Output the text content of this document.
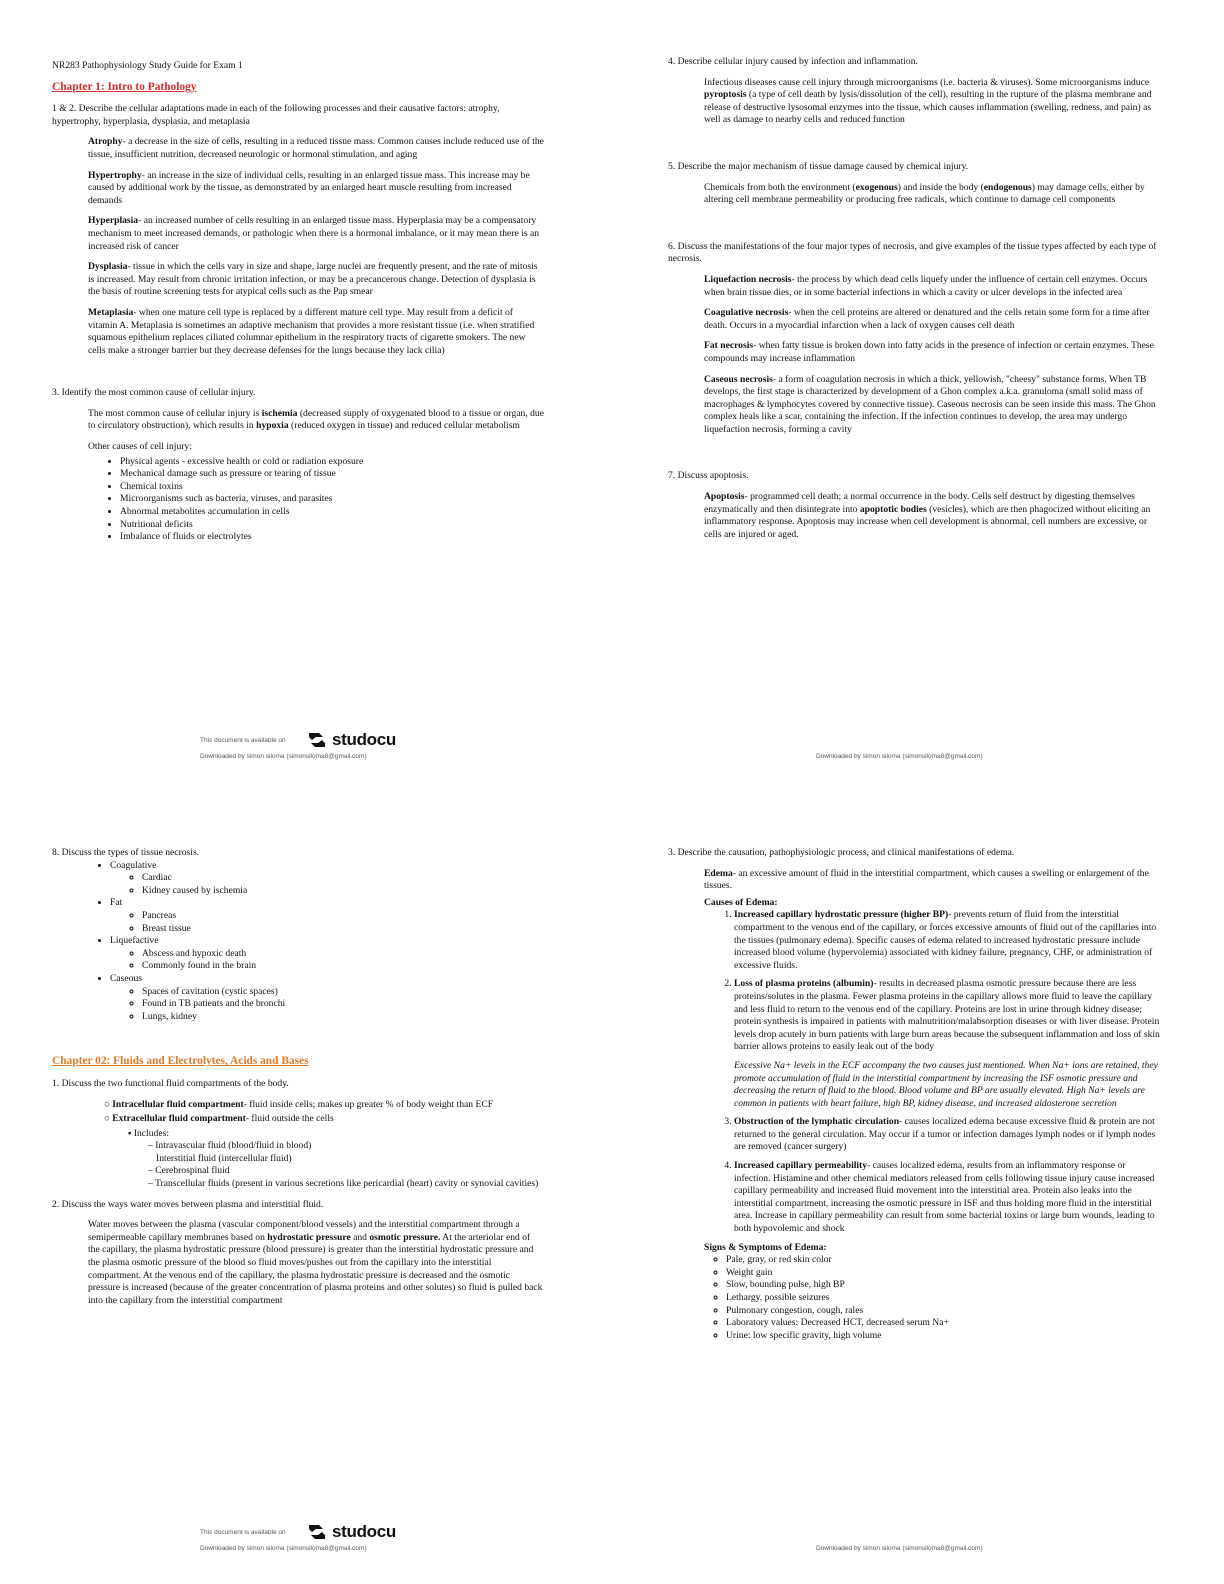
NR283 Pathophysiology Study Guide for Exam 1

Chapter 1: Intro to Pathology

1 & 2. Describe the cellular adaptations made in each of the following processes and their causative factors: atrophy, hypertrophy, hyperplasia, dysplasia, and metaplasia

Atrophy- a decrease in the size of cells, resulting in a reduced tissue mass. Common causes include reduced use of the tissue, insufficient nutrition, decreased neurologic or hormonal stimulation, and aging

Hypertrophy- an increase in the size of individual cells, resulting in an enlarged tissue mass. This increase may be caused by additional work by the tissue, as demonstrated by an enlarged heart muscle resulting from increased demands

Hyperplasia- an increased number of cells resulting in an enlarged tissue mass. Hyperplasia may be a compensatory mechanism to meet increased demands, or pathologic when there is a hormonal imbalance, or it may mean there is an increased risk of cancer

Dysplasia- tissue in which the cells vary in size and shape, large nuclei are frequently present, and the rate of mitosis is increased. May result from chronic irritation infection, or may be a precancerous change. Detection of dysplasia is the basis of routine screening tests for atypical cells such as the Pap smear

Metaplasia- when one mature cell type is replaced by a different mature cell type. May result from a deficit of vitamin A. Metaplasia is sometimes an adaptive mechanism that provides a more resistant tissue (i.e. when stratified squamous epithelium replaces ciliated columnar epithelium in the respiratory tracts of cigarette smokers. The new cells make a stronger barrier but they decrease defenses for the lungs because they lack cilia)

3. Identify the most common cause of cellular injury.

The most common cause of cellular injury is ischemia (decreased supply of oxygenated blood to a tissue or organ, due to circulatory obstruction), which results in hypoxia (reduced oxygen in tissue) and reduced cellular metabolism

Other causes of cell injury:

• Physical agents - excessive health or cold or radiation exposure
• Mechanical damage such as pressure or tearing of tissue
• Chemical toxins
• Microorganisms such as bacteria, viruses, and parasites
• Abnormal metabolites accumulation in cells
• Nutritional deficits
• Imbalance of fluids or electrolytes
This document is available on	studocu
Downloaded by simon siloma (simonsiloma8@gmail.com)

4. Describe cellular injury caused by infection and inflammation.

Infectious diseases cause cell injury through microorganisms (i.e. bacteria & viruses). Some microorganisms induce pyroptosis (a type of cell death by lysis/dissolution of the cell), resulting in the rupture of the plasma membrane and release of destructive lysosomal enzymes into the tissue, which causes inflammation (swelling, redness, and pain) as well as damage to nearby cells and reduced function

5. Describe the major mechanism of tissue damage caused by chemical injury.

Chemicals from both the environment (exogenous) and inside the body (endogenous) may damage cells, either by altering cell membrane permeability or producing free radicals, which continue to damage cell components

6. Discuss the manifestations of the four major types of necrosis, and give examples of the tissue types affected by each type of necrosis.

Liquefaction necrosis- the process by which dead cells liquefy under the influence of certain cell enzymes. Occurs when brain tissue dies, or in some bacterial infections in which a cavity or ulcer develops in the infected area

Coagulative necrosis- when the cell proteins are altered or denatured and the cells retain some form for a time after death. Occurs in a myocardial infarction when a lack of oxygen causes cell death

Fat necrosis- when fatty tissue is broken down into fatty acids in the presence of infection or certain enzymes. These compounds may increase inflammation

Caseous necrosis- a form of coagulation necrosis in which a thick, yellowish, "cheesy" substance forms. When TB develops, the first stage is characterized by development of a Ghon complex a.k.a. granuloma (small solid mass of macrophages & lymphocytes covered by connective tissue). Caseous necrosis can be seen inside this mass. The Ghon complex heals like a scar, containing the infection. If the infection continues to develop, the area may undergo liquefaction necrosis, forming a cavity

7. Discuss apoptosis.

Apoptosis- programmed cell death; a normal occurrence in the body. Cells self destruct by digesting themselves enzymatically and then disintegrate into apoptotic bodies (vesicles), which are then phagocized without eliciting an inflammatory response. Apoptosis may increase when cell development is abnormal, cell numbers are excessive, or cells are injured or aged.

Downloaded by simon siloma (simonsiloma8@gmail.com)

8. Discuss the types of tissue necrosis.

• Coagulative
◦ Cardiac
◦ Kidney caused by ischemia
• Fat
◦ Pancreas
◦ Breast tissue
• Liquefactive
◦ Abscess and hypoxic death
◦ Commonly found in the brain
• Caseous
◦ Spaces of cavitation (cystic spaces)
◦ Found in TB patients and the bronchi
◦ Lungs, kidney

Chapter 02: Fluids and Electrolytes, Acids and Bases

1. Discuss the two functional fluid compartments of the body.

○ Intracellular fluid compartment- fluid inside cells; makes up greater % of body weight than ECF
○ Extracellular fluid compartment- fluid outside the cells
▪ Includes:
– Intravascular fluid (blood/fluid in blood)
Interstitial fluid (intercellular fluid)
– Cerebrospinal fluid
– Transcellular fluids (present in various secretions like pericardial (heart) cavity or synovial cavities)

2. Discuss the ways water moves between plasma and interstitial fluid.

Water moves between the plasma (vascular component/blood vessels) and the interstitial compartment through a semipermeable capillary membranes based on hydrostatic pressure and osmotic pressure. At the arteriolar end of the capillary, the plasma hydrostatic pressure (blood pressure) is greater than the interstitial hydrostatic pressure and the plasma osmotic pressure of the blood so fluid moves/pushes out from the capillary into the interstitial compartment. At the venous end of the capillary, the plasma hydrostatic pressure is decreased and the osmotic pressure is increased (because of the greater concentration of plasma proteins and other solutes) so fluid is pulled back into the capillary from the interstitial compartment

This document is available on	studocu
Downloaded by simon siloma (simonsiloma8@gmail.com)

3. Describe the causation, pathophysiologic process, and clinical manifestations of edema.

Edema- an excessive amount of fluid in the interstitial compartment, which causes a swelling or enlargement of the tissues.

Causes of Edema:

1. Increased capillary hydrostatic pressure (higher BP)- prevents return of fluid from the interstitial compartment to the venous end of the capillary, or forces excessive amounts of fluid out of the capillaries into the tissues (pulmonary edema). Specific causes of edema related to increased hydrostatic pressure include increased blood volume (hypervolemia) associated with kidney failure, pregnancy, CHF, or administration of excessive fluids.
2. Loss of plasma proteins (albumin)- results in decreased plasma osmotic pressure because there are less proteins/solutes in the plasma. Fewer plasma proteins in the capillary allows more fluid to leave the capillary and less fluid to return to the venous end of the capillary. Proteins are lost in urine through kidney disease; protein synthesis is impaired in patients with malnutrition/malabsorption diseases or with liver disease. Protein levels drop acutely in burn patients with large burn areas because the subsequent inflammation and loss of skin barrier allows proteins to easily leak out of the body

Excessive Na+ levels in the ECF accompany the two causes just mentioned. When Na+ ions are retained, they promote accumulation of fluid in the interstitial compartment by increasing the ISF osmotic pressure and decreasing the return of fluid to the blood. Blood volume and BP are usually elevated. High Na+ levels are common in patients with heart failure, high BP, kidney disease, and increased aldosterone secretion

3. Obstruction of the lymphatic circulation- causes localized edema because excessive fluid & protein are not returned to the general circulation. May occur if a tumor or infection damages lymph nodes or if lymph nodes are removed (cancer surgery)
4. Increased capillary permeability- causes localized edema, results from an inflammatory response or infection. Histamine and other chemical mediators released from cells following tissue injury cause increased capillary permeability and increased fluid movement into the interstitial area. Protein also leaks into the interstitial compartment, increasing the osmotic pressure in ISF and thus holding more fluid in the interstitial area. Increase in capillary permeability can result from some bacterial toxins or large burn wounds, leading to both hypovolemic and shock

Signs & Symptoms of Edema:

◦ Pale, gray, or red skin color
◦ Weight gain
◦ Slow, bounding pulse, high BP
◦ Lethargy, possible seizures
◦ Pulmonary congestion, cough, rales
◦ Laboratory values: Decreased HCT, decreased serum Na+
◦ Urine: low specific gravity, high volume
Downloaded by simon siloma (simonsiloma8@gmail.com)
